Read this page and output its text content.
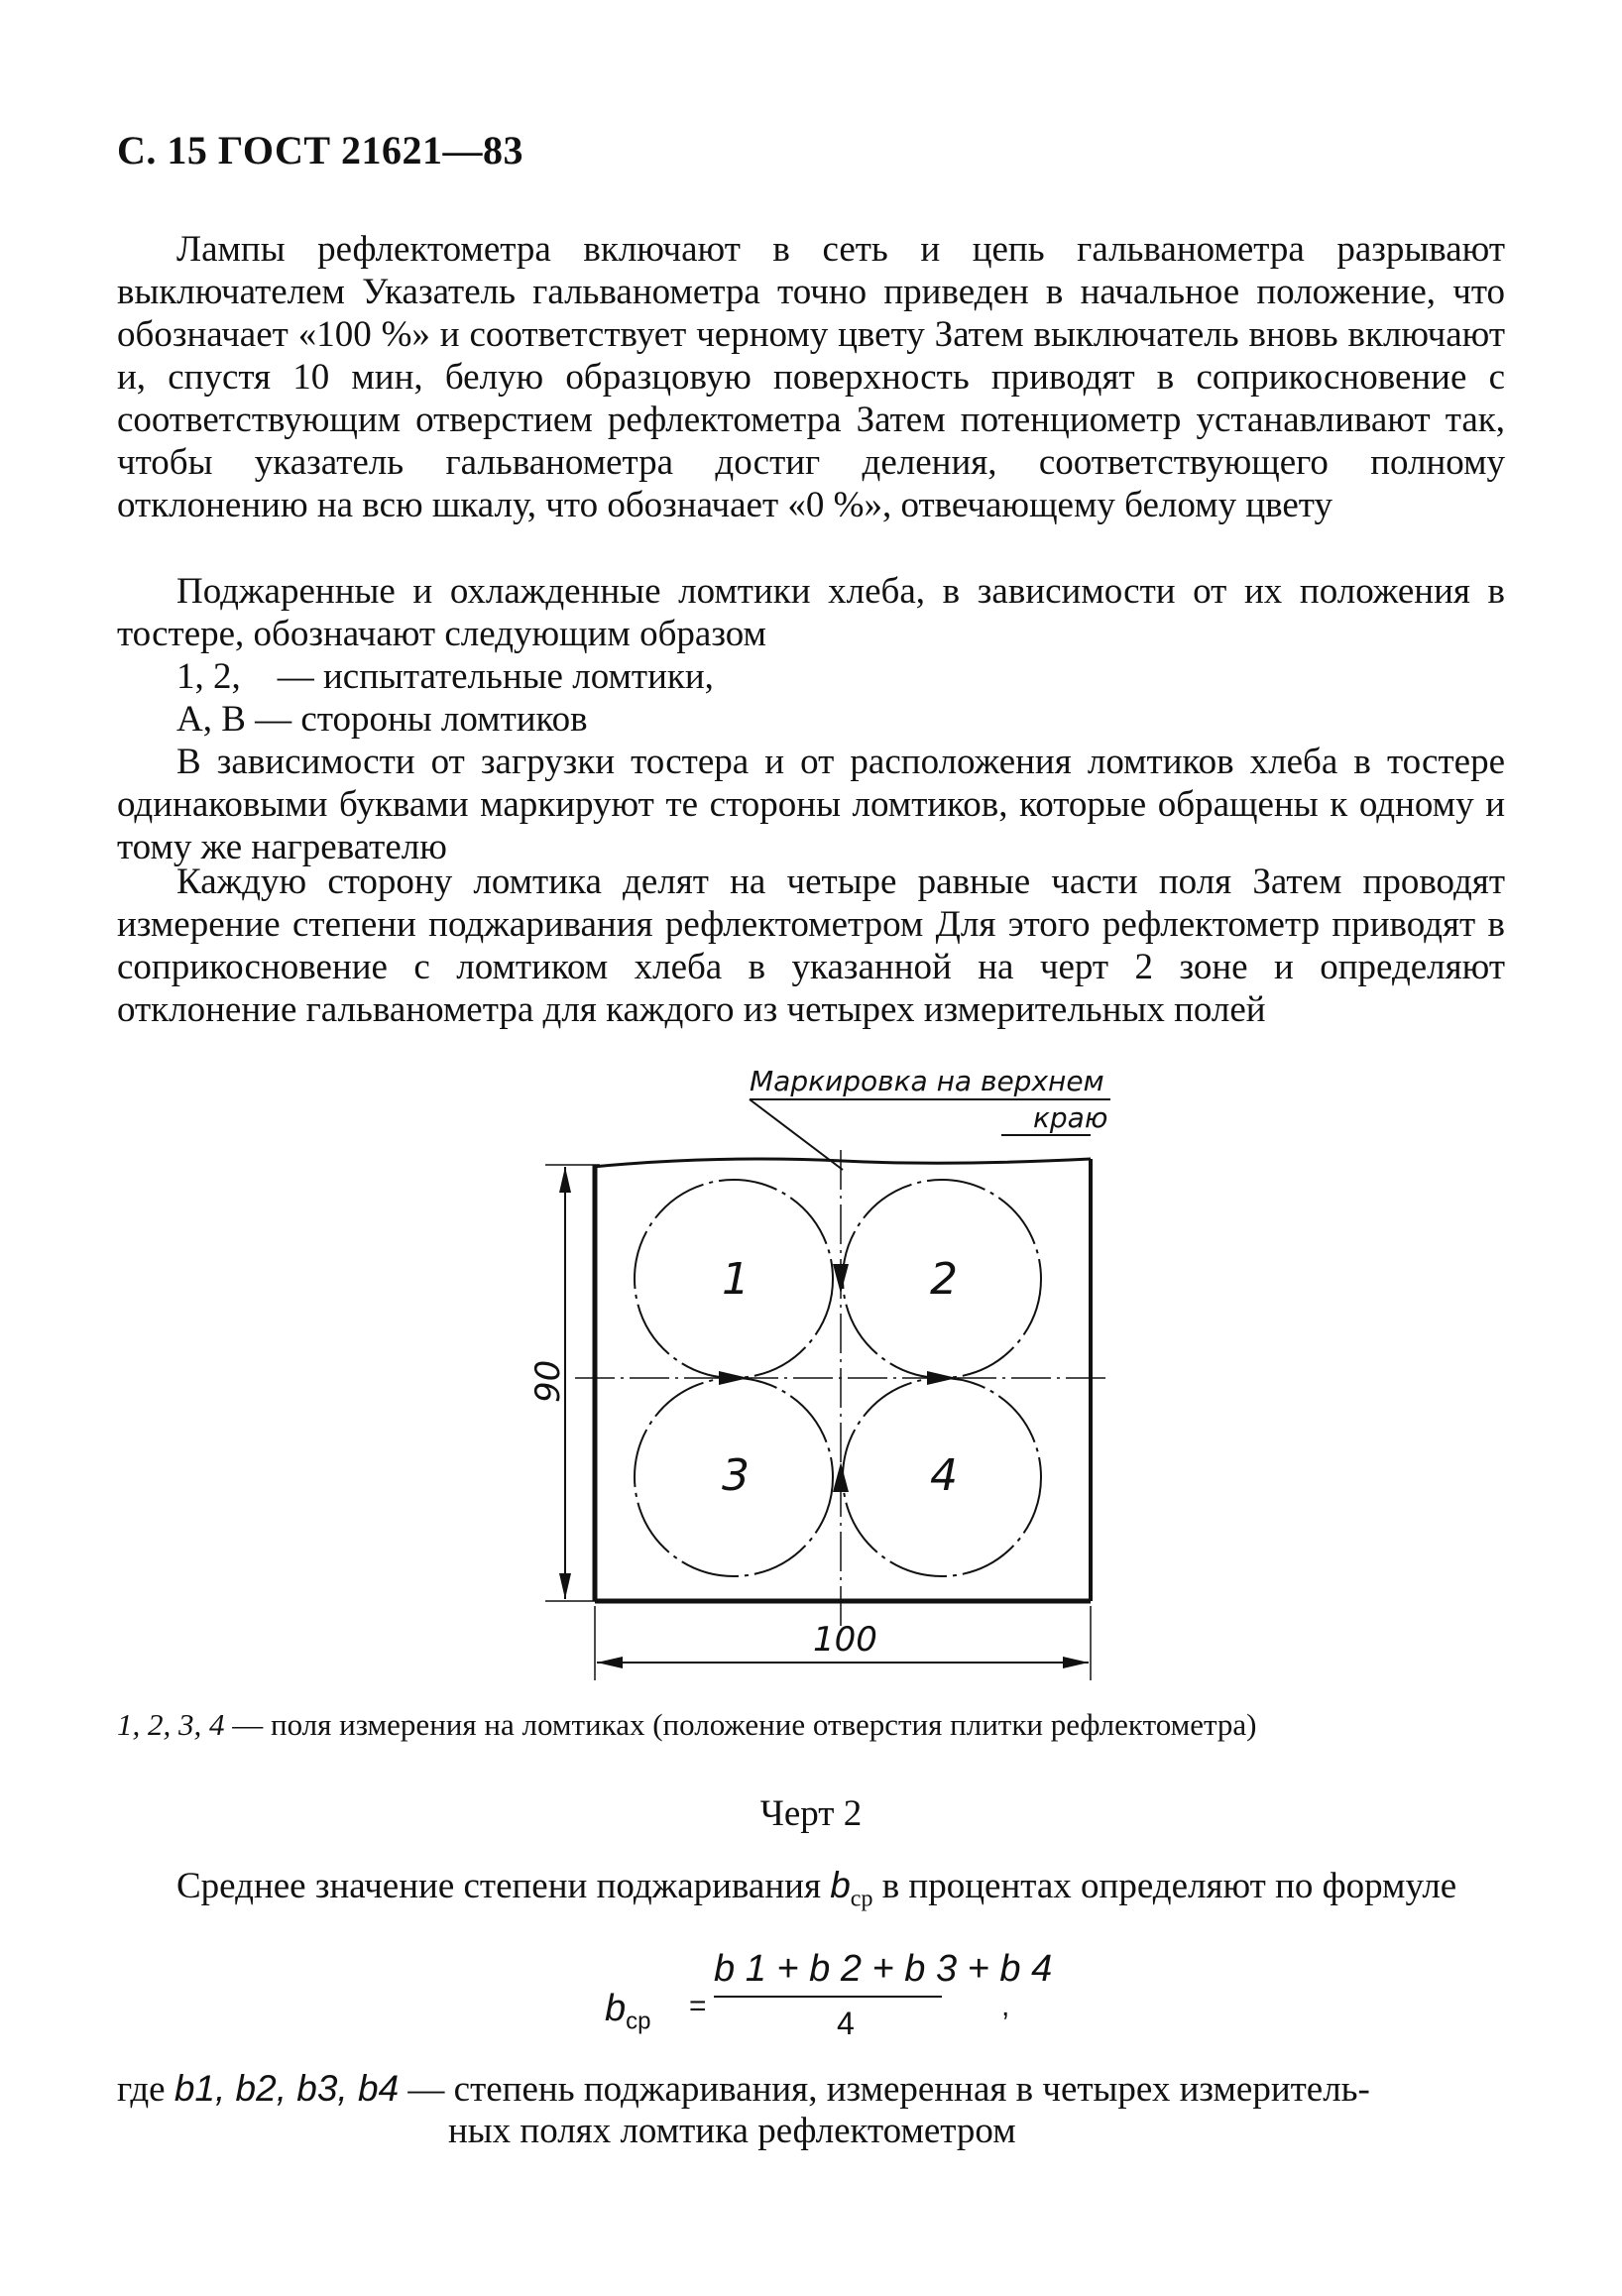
С. 15 ГОСТ 21621—83
Лампы рефлектометра включают в сеть и цепь гальванометра разрывают выключателем Указатель гальванометра точно приведен в начальное положение, что обозначает «100 %» и соответствует черному цвету Затем выключатель вновь включают и, спустя 10 мин, белую образцовую поверхность приводят в соприкосновение с соответствующим отверстием рефлектометра Затем потенциометр устанавливают так, чтобы указатель гальванометра достиг деления, соответствующего полному отклонению на всю шкалу, что обозначает «0 %», отвечающему белому цвету
Поджаренные и охлажденные ломтики хлеба, в зависимости от их положения в тостере, обозначают следующим образом
1, 2,    — испытательные ломтики,
А, В — стороны ломтиков
В зависимости от загрузки тостера и от расположения ломтиков хлеба в тостере одинаковыми буквами маркируют те стороны ломтиков, которые обращены к одному и тому же нагревателю
Каждую сторону ломтика делят на четыре равные части поля Затем проводят измерение степени поджаривания рефлектометром Для этого рефлектометр приводят в соприкосновение с ломтиком хлеба в указанной на черт 2 зоне и определяют отклонение гальванометра для каждого из четырех измерительных полей
Маркировка на верхнем
краю
1	2
3	4
90
100
1, 2, 3, 4 — поля измерения на ломтиках (положение отверстия плитки рефлектометра)
Черт 2
Среднее значение степени поджаривания $b_{ср}$ в процентах определяют по формуле
$b_{ср}$ =
b 1 + b 2 + b 3 + b 4
4	,
где b1, b2, b3, b4 — степень поджаривания, измеренная в четырех измеритель-
ных полях ломтика рефлектометром
